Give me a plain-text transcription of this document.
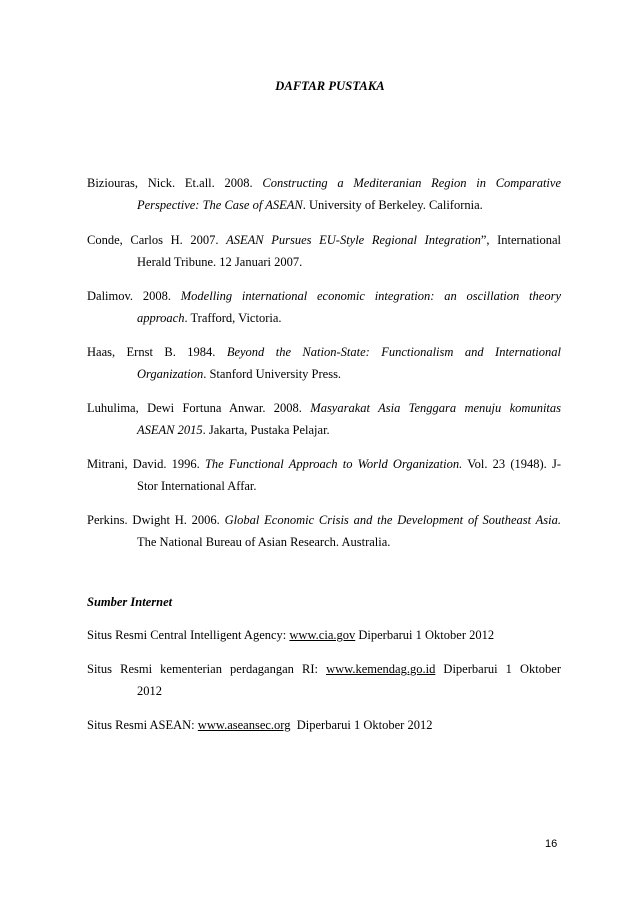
DAFTAR PUSTAKA
Biziouras, Nick. Et.all. 2008. Constructing a Mediteranian Region in Comparative
Perspective: The Case of ASEAN. University of Berkeley. California.
Conde, Carlos H. 2007. ASEAN Pursues EU-Style Regional Integration”, International
Herald Tribune. 12 Januari 2007.
Dalimov. 2008. Modelling international economic integration: an oscillation theory
approach. Trafford, Victoria.
Haas, Ernst B. 1984. Beyond the Nation-State: Functionalism and International
Organization. Stanford University Press.
Luhulima, Dewi Fortuna Anwar. 2008. Masyarakat Asia Tenggara menuju komunitas
ASEAN 2015. Jakarta, Pustaka Pelajar.
Mitrani, David. 1996. The Functional Approach to World Organization. Vol. 23 (1948). J-
Stor International Affar.
Perkins. Dwight H. 2006. Global Economic Crisis and the Development of Southeast Asia.
The National Bureau of Asian Research. Australia.
Sumber Internet
Situs Resmi Central Intelligent Agency: www.cia.gov Diperbarui 1 Oktober 2012
Situs Resmi kementerian perdagangan RI: www.kemendag.go.id Diperbarui 1 Oktober
2012
Situs Resmi ASEAN: www.aseansec.org  Diperbarui 1 Oktober 2012
16
